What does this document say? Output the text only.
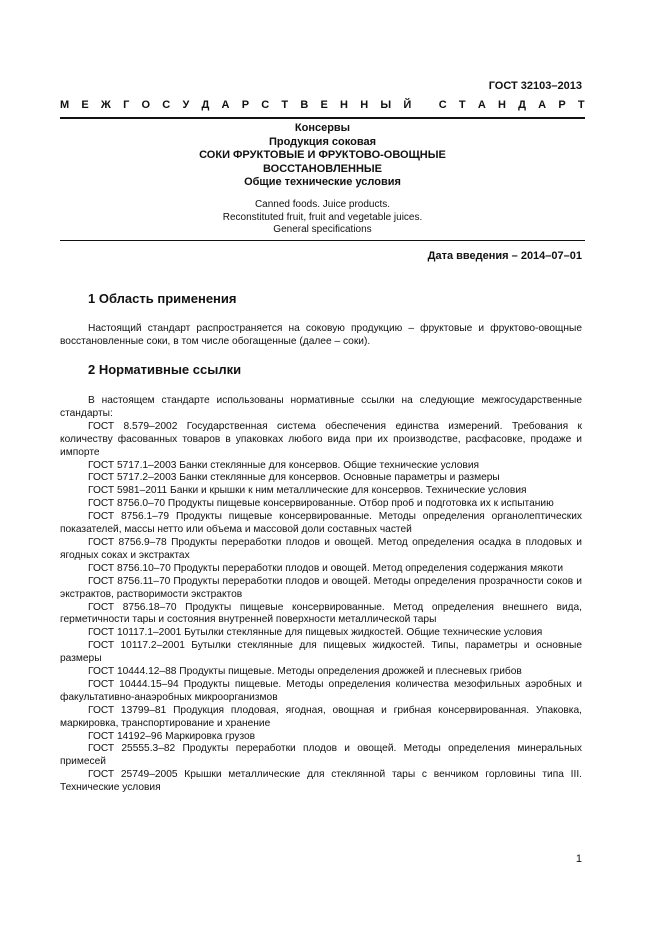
ГОСТ 32103–2013
М Е Ж Г О С У Д А Р С Т В Е Н Н Ы Й
С Т А Н Д А Р Т
Консервы
Продукция соковая
СОКИ ФРУКТОВЫЕ И ФРУКТОВО-ОВОЩНЫЕ
ВОССТАНОВЛЕННЫЕ
Общие технические условия
Canned foods. Juice products.
Reconstituted fruit, fruit and vegetable juices.
General specifications
Дата введения – 2014–07–01
1 Область применения

Настоящий стандарт распространяется на соковую продукцию – фруктовые и фруктово-овощные восстановленные соки, в том числе обогащенные (далее – соки).

2 Нормативные ссылки

В настоящем стандарте использованы нормативные ссылки на следующие межгосударственные стандарты:

ГОСТ 8.579–2002 Государственная система обеспечения единства измерений. Требования к количеству фасованных товаров в упаковках любого вида при их производстве, расфасовке, продаже и импорте

ГОСТ 5717.1–2003 Банки стеклянные для консервов. Общие технические условия

ГОСТ 5717.2–2003 Банки стеклянные для консервов. Основные параметры и размеры

ГОСТ 5981–2011 Банки и крышки к ним металлические для консервов. Технические условия

ГОСТ 8756.0–70 Продукты пищевые консервированные. Отбор проб и подготовка их к испытанию

ГОСТ 8756.1–79 Продукты пищевые консервированные. Методы определения органолептических показателей, массы нетто или объема и массовой доли составных частей

ГОСТ 8756.9–78 Продукты переработки плодов и овощей. Метод определения осадка в плодовых и ягодных соках и экстрактах

ГОСТ 8756.10–70 Продукты переработки плодов и овощей. Метод определения содержания мякоти

ГОСТ 8756.11–70 Продукты переработки плодов и овощей. Методы определения прозрачности соков и экстрактов, растворимости экстрактов

ГОСТ 8756.18–70 Продукты пищевые консервированные. Метод определения внешнего вида, герметичности тары и состояния внутренней поверхности металлической тары

ГОСТ 10117.1–2001 Бутылки стеклянные для пищевых жидкостей. Общие технические условия

ГОСТ 10117.2–2001 Бутылки стеклянные для пищевых жидкостей. Типы, параметры и основные размеры

ГОСТ 10444.12–88 Продукты пищевые. Методы определения дрожжей и плесневых грибов

ГОСТ 10444.15–94 Продукты пищевые. Методы определения количества мезофильных аэробных и факультативно-анаэробных микроорганизмов

ГОСТ 13799–81 Продукция плодовая, ягодная, овощная и грибная консервированная. Упаковка, маркировка, транспортирование и хранение

ГОСТ 14192–96 Маркировка грузов

ГОСТ 25555.3–82 Продукты переработки плодов и овощей. Методы определения минеральных примесей

ГОСТ 25749–2005 Крышки металлические для стеклянной тары с венчиком горловины типа III. Технические условия

1
